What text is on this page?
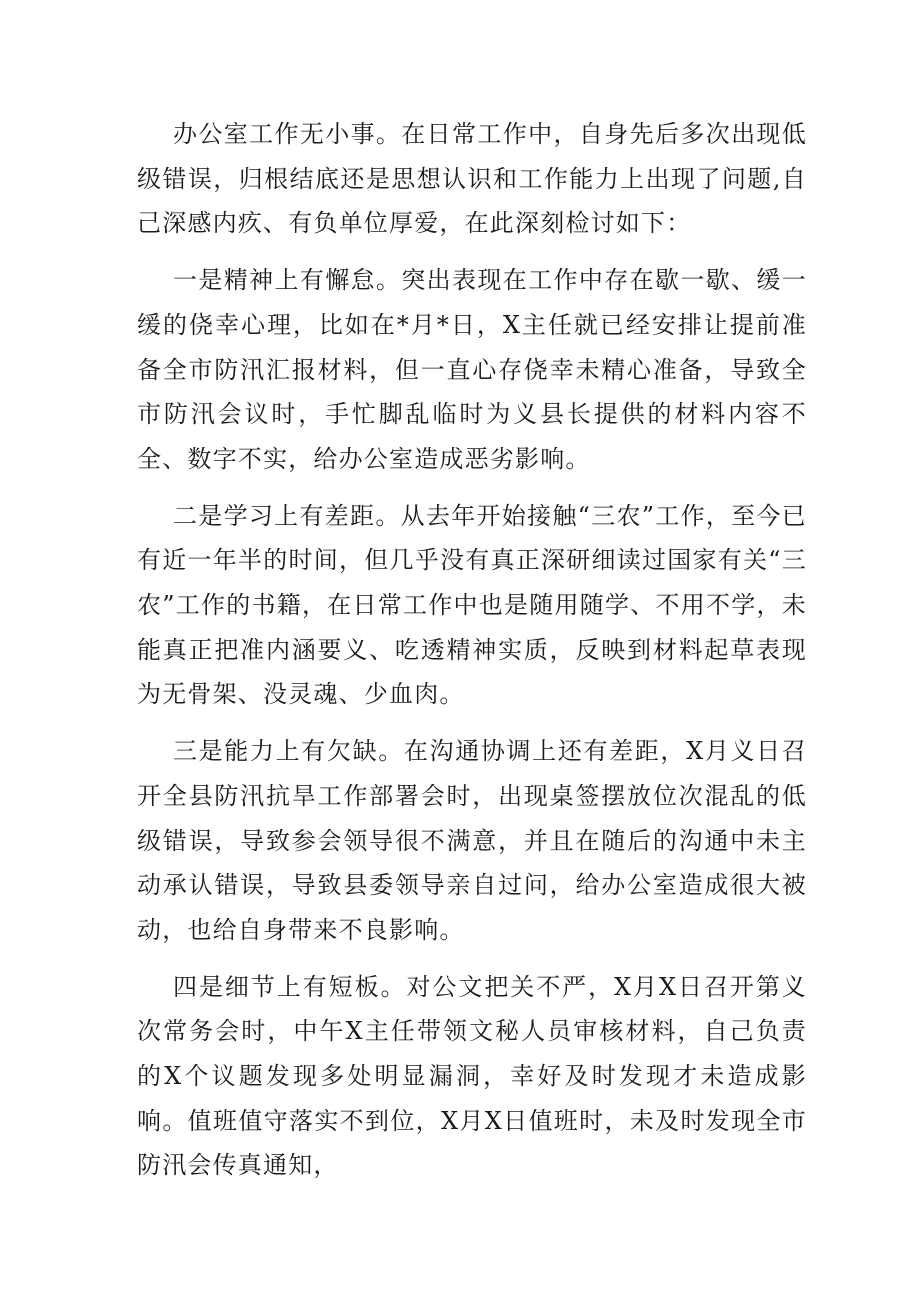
办公室工作无小事。在日常工作中，自身先后多次出现低级错误，归根结底还是思想认识和工作能力上出现了问题,自己深感内疚、有负单位厚爱，在此深刻检讨如下：

一是精神上有懈怠。突出表现在工作中存在歇一歇、缓一缓的侥幸心理，比如在*月*日，X主任就已经安排让提前准备全市防汛汇报材料，但一直心存侥幸未精心准备，导致全市防汛会议时，手忙脚乱临时为义县长提供的材料内容不全、数字不实，给办公室造成恶劣影响。

二是学习上有差距。从去年开始接触“三农”工作，至今已有近一年半的时间，但几乎没有真正深研细读过国家有关“三农”工作的书籍，在日常工作中也是随用随学、不用不学，未能真正把准内涵要义、吃透精神实质，反映到材料起草表现为无骨架、没灵魂、少血肉。

三是能力上有欠缺。在沟通协调上还有差距，X月义日召开全县防汛抗旱工作部署会时，出现桌签摆放位次混乱的低级错误，导致参会领导很不满意，并且在随后的沟通中未主动承认错误，导致县委领导亲自过问，给办公室造成很大被动，也给自身带来不良影响。

四是细节上有短板。对公文把关不严，X月X日召开第义次常务会时，中午X主任带领文秘人员审核材料，自己负责的X个议题发现多处明显漏洞，幸好及时发现才未造成影响。值班值守落实不到位，X月X日值班时，未及时发现全市防汛会传真通知，
